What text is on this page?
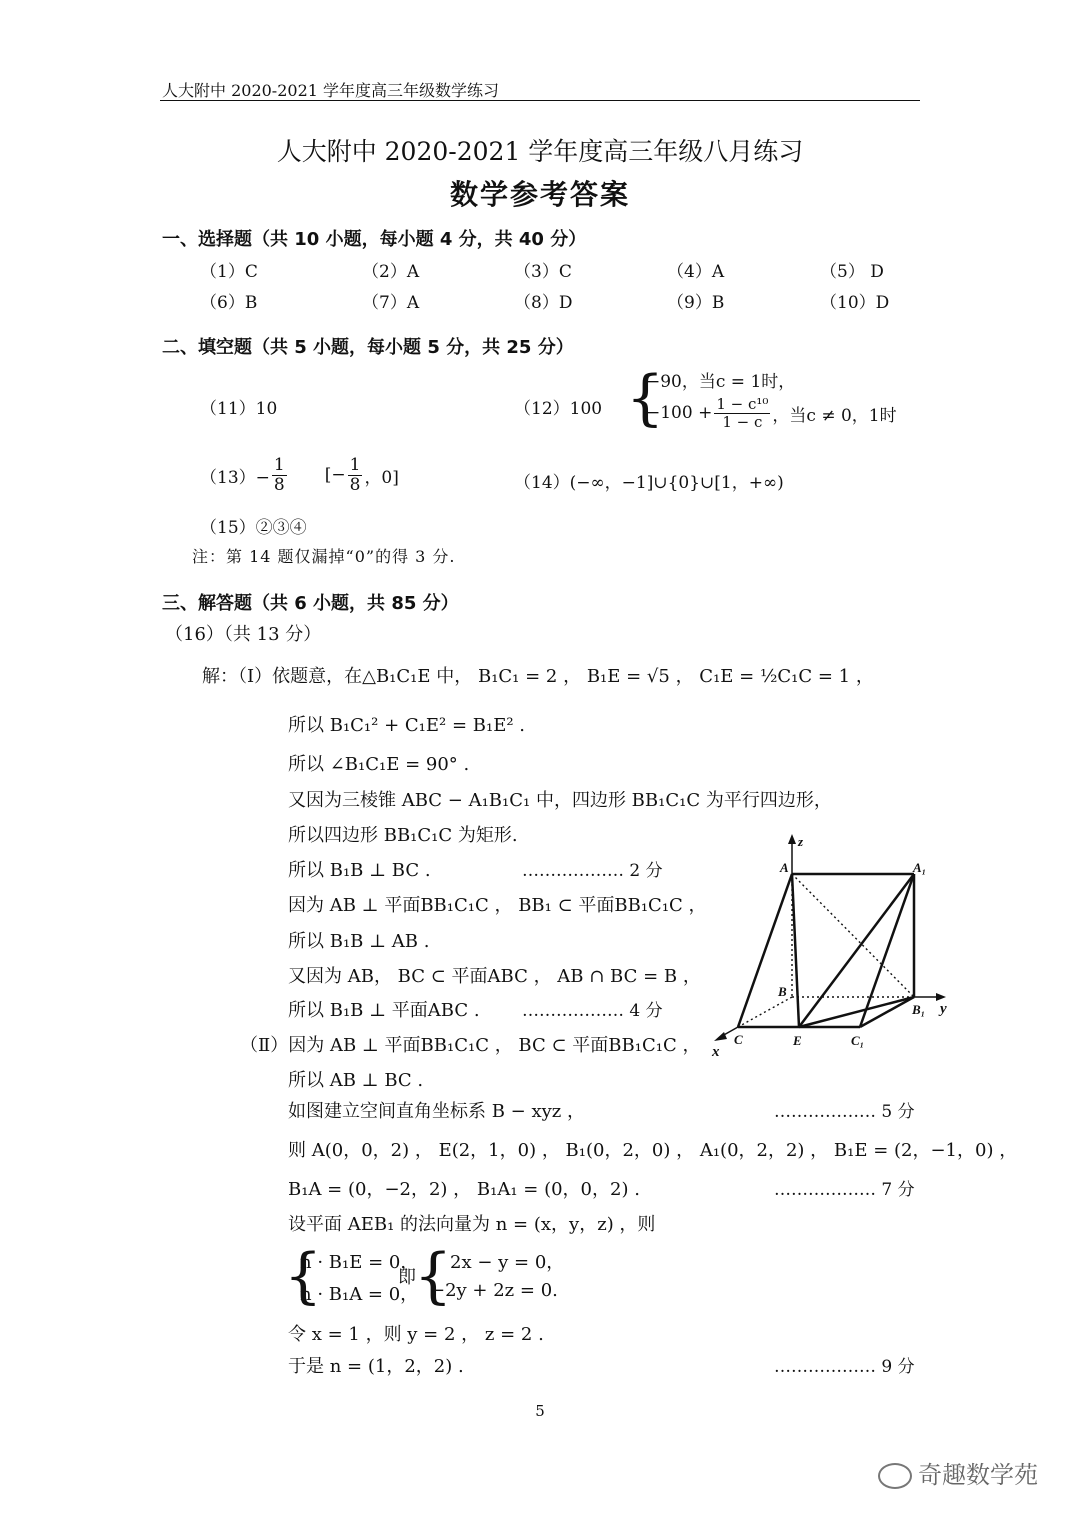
人大附中 2020-2021 学年度高三年级数学练习
人大附中 2020-2021 学年度高三年级八月练习
数学参考答案
一、选择题（共 10 小题，每小题 4 分，共 40 分）
（1）C	（2）A	（3）C	（4）A	（5） D
（6）B	（7）A	（8）D	（9）B	（10）D
二、填空题（共 5 小题，每小题 5 分，共 25 分）
（11）10	（12）100 {
−90，当c = 1时，
$-100 + \frac{\text{1 − c¹⁰}}{1 - c}$ ，当c ≠ 0，1时
$(13)- \frac{1}{8}$ [− $\frac{1}{8}$ ，0]	（14）(−∞，−1]∪{0}∪[1，+∞)
（15）②③④
注：第 14 题仅漏掉“0”的得 3 分.
三、解答题（共 6 小题，共 85 分）
（16）（共 13 分）
解：（Ⅰ）依题意，在△B₁C₁E 中， B₁C₁ = 2 ， B₁E = √5 ， C₁E = ½C₁C = 1 ，
所以 B₁C₁² + C₁E² = B₁E² .
所以 ∠B₁C₁E = 90° .
又因为三棱锥 ABC − A₁B₁C₁ 中，四边形 BB₁C₁C 为平行四边形，
所以四边形 BB₁C₁C 为矩形.
所以 B₁B ⊥ BC .	……………… 2 分
因为 AB ⊥ 平面BB₁C₁C ， BB₁ ⊂ 平面BB₁C₁C ，
所以 B₁B ⊥ AB .
又因为 AB， BC ⊂ 平面ABC ， AB ∩ BC = B ，
所以 B₁B ⊥ 平面ABC . ……………… 4 分
（Ⅱ）因为 AB ⊥ 平面BB₁C₁C ， BC ⊂ 平面BB₁C₁C ，
所以 AB ⊥ BC .
如图建立空间直角坐标系 B − xyz ，	……………… 5 分
则 A(0，0，2) ， E(2，1，0) ， B₁(0，2，0) ， A₁(0，2，2) ， B₁E = (2，−1，0) ，
B₁A = (0，−2，2) ， B₁A₁ = (0，0，2) .	……………… 7 分
设平面 AEB₁ 的法向量为 n = (x，y，z) ，则
{
n · B₁E = 0，
n · B₁A = 0，
即
{
2x − y = 0，
−2y + 2z = 0.
令 x = 1 ，则 y = 2 ， z = 2 .
于是 n = (1，2，2) .	……………… 9 分
z
A	A₁
B
B₁ y
C	E	C₁
x
5
奇趣数学苑
